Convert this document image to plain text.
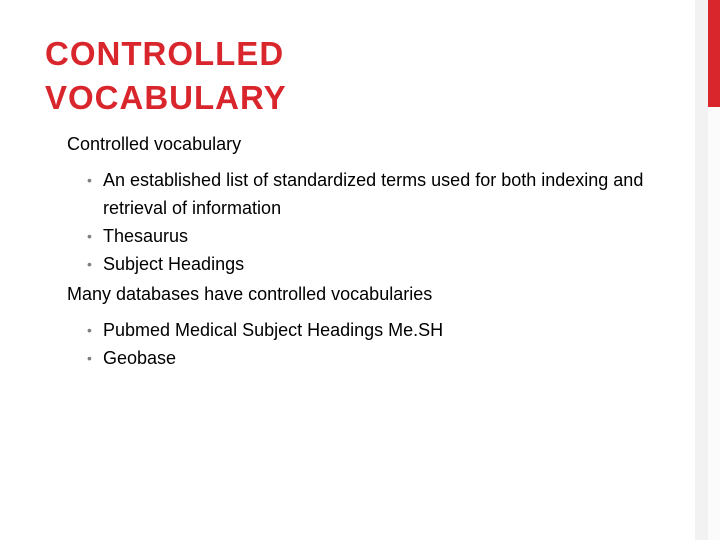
CONTROLLED
VOCABULARY

Controlled vocabulary

• An established list of standardized terms used for both indexing and retrieval of information
• Thesaurus
• Subject Headings

Many databases have controlled vocabularies

• Pubmed Medical Subject Headings Me.SH
• Geobase
